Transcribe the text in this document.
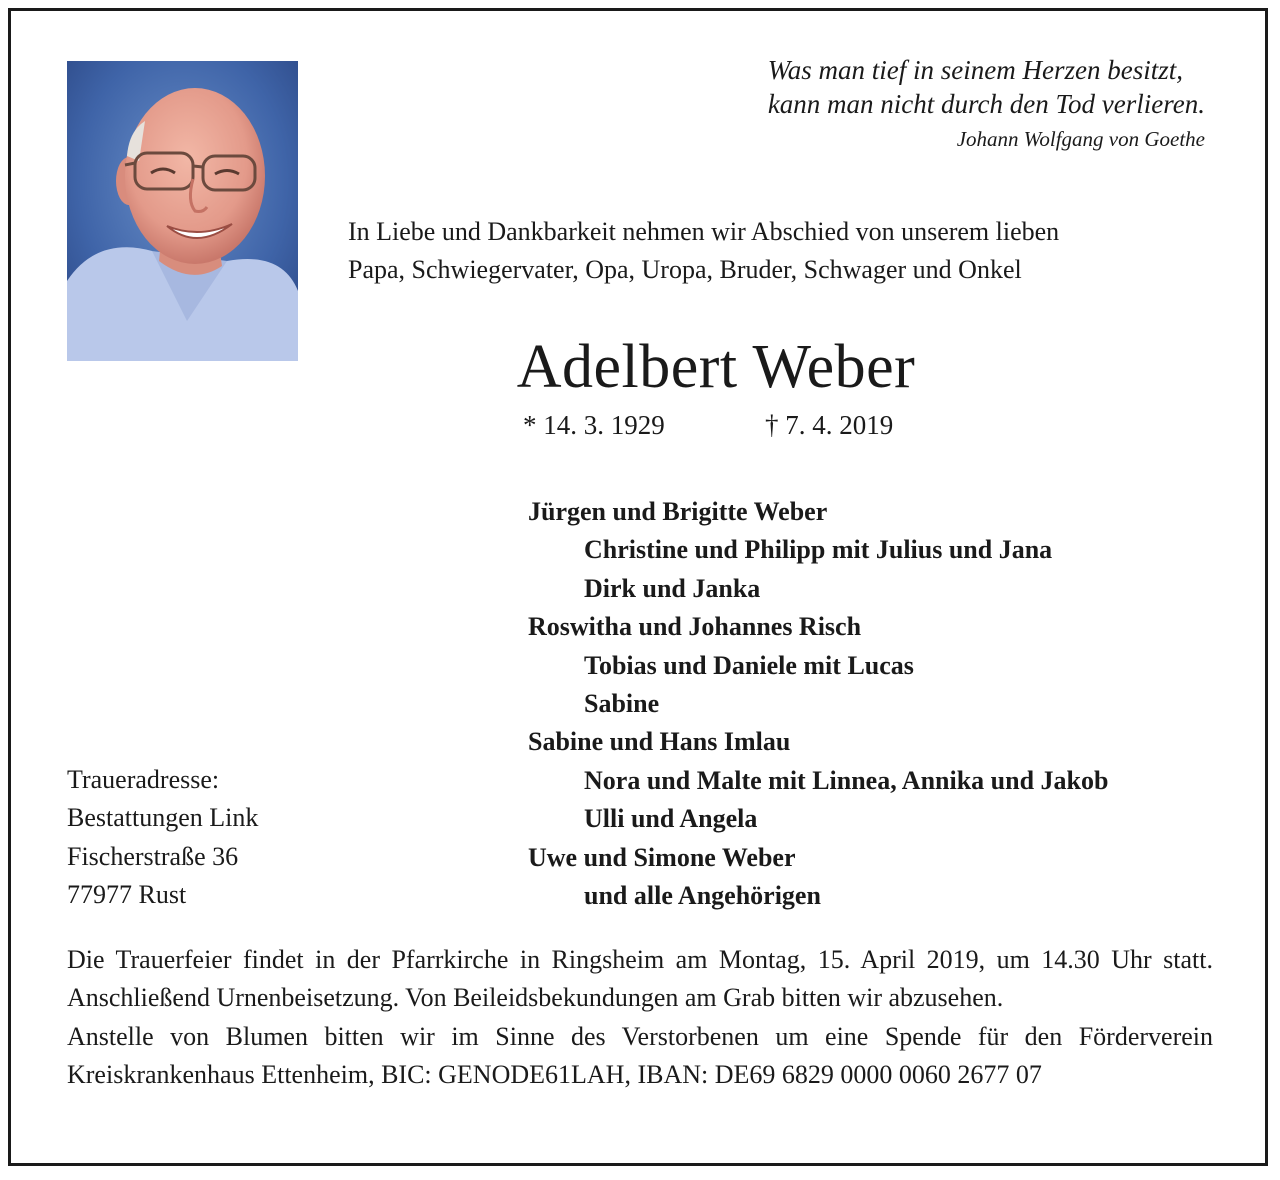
Was man tief in seinem Herzen besitzt,
kann man nicht durch den Tod verlieren.
Johann Wolfgang von Goethe
In Liebe und Dankbarkeit nehmen wir Abschied von unserem lieben
Papa, Schwiegervater, Opa, Uropa, Bruder, Schwager und Onkel
Adelbert Weber
* 14. 3. 1929	† 7. 4. 2019
Jürgen und Brigitte Weber
Christine und Philipp mit Julius und Jana
Dirk und Janka
Roswitha und Johannes Risch
Tobias und Daniele mit Lucas
Sabine
Sabine und Hans Imlau
Nora und Malte mit Linnea, Annika und Jakob
Ulli und Angela
Uwe und Simone Weber
und alle Angehörigen
Traueradresse:
Bestattungen Link
Fischerstraße 36
77977 Rust

Die Trauerfeier findet in der Pfarrkirche in Ringsheim am Montag, 15. April 2019, um 14.30 Uhr statt. Anschließend Urnenbeisetzung. Von Beileidsbekundungen am Grab bitten wir abzusehen.

Anstelle von Blumen bitten wir im Sinne des Verstorbenen um eine Spende für den Förderverein Kreiskrankenhaus Ettenheim, BIC: GENODE61LAH, IBAN: DE69 6829 0000 0060 2677 07
